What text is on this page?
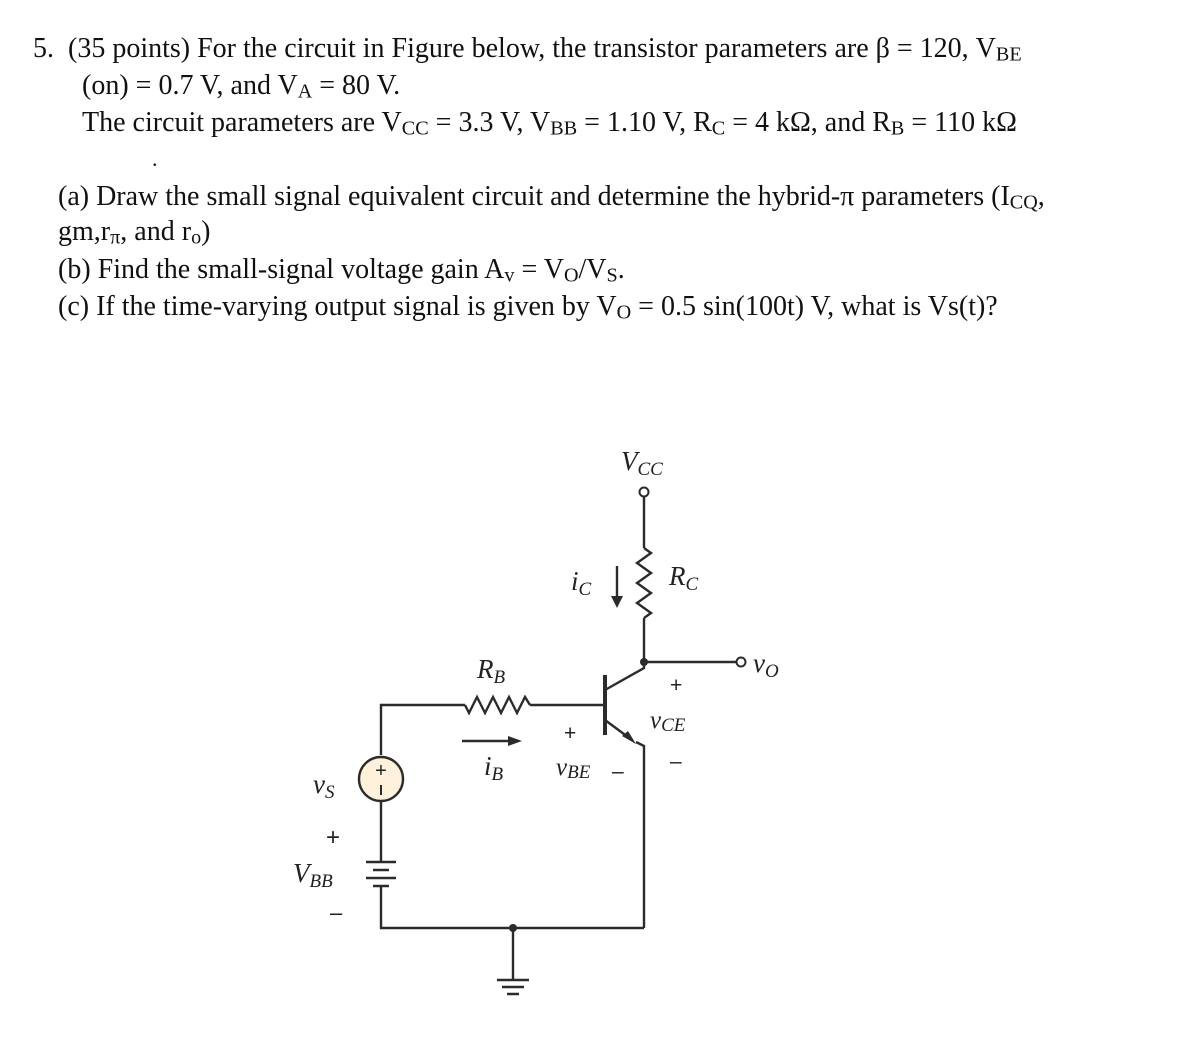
5. (35 points) For the circuit in Figure below, the transistor parameters are β = 120, VBE
(on) = 0.7 V, and VA = 80 V.
The circuit parameters are VCC = 3.3 V, VBB = 1.10 V, RC = 4 kΩ, and RB = 110 kΩ
.
(a) Draw the small signal equivalent circuit and determine the hybrid-π parameters (ICQ,
gm,rπ, and ro)
(b) Find the small-signal voltage gain Av = VO/VS.
(c) If the time-varying output signal is given by VO = 0.5 sin(100t) V, what is Vs(t)?
+
VCC
RC
iC
vO
+
vCE
–
RB
iB
+
vBE –
vS
+
VBB
–
